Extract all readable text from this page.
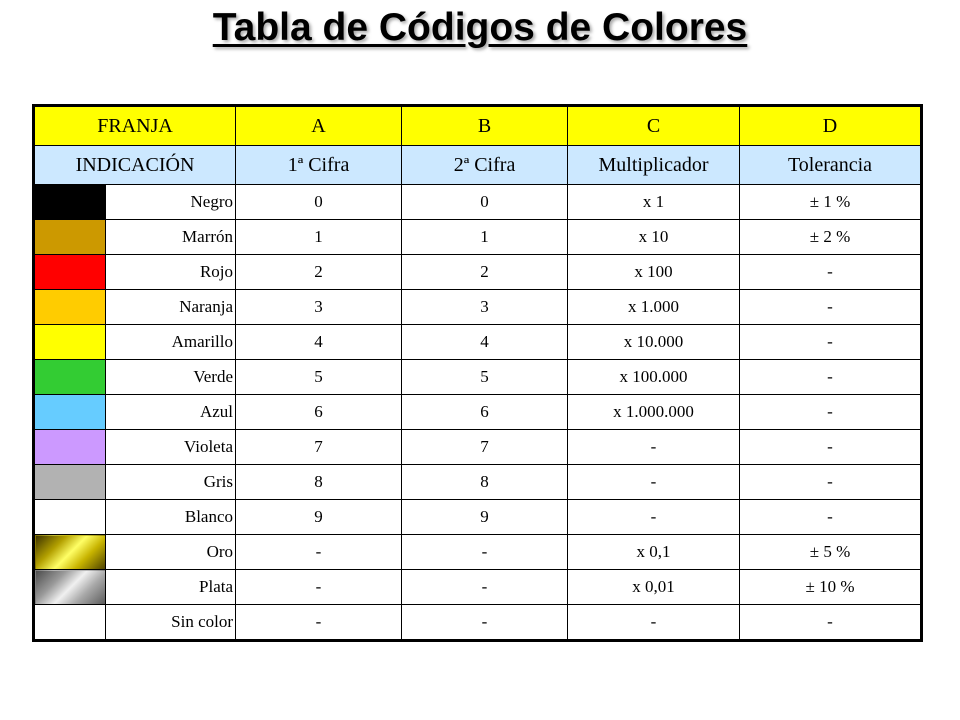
Tabla de Códigos de Colores
FRANJA		A	B	C	D
INDICACIÓN		1ª Cifra	2ª Cifra	Multiplicador	Tolerancia
	Negro	0	0	x 1	± 1 %
	Marrón	1	1	x 10	± 2 %
	Rojo	2	2	x 100	-
	Naranja	3	3	x 1.000	-
	Amarillo	4	4	x 10.000	-
	Verde	5	5	x 100.000	-
	Azul	6	6	x 1.000.000	-
	Violeta	7	7	-	-
	Gris	8	8	-	-
	Blanco	9	9	-	-
	Oro	-	-	x 0,1	± 5 %
	Plata	-	-	x 0,01	± 10 %
	Sin color	-	-	-	-
